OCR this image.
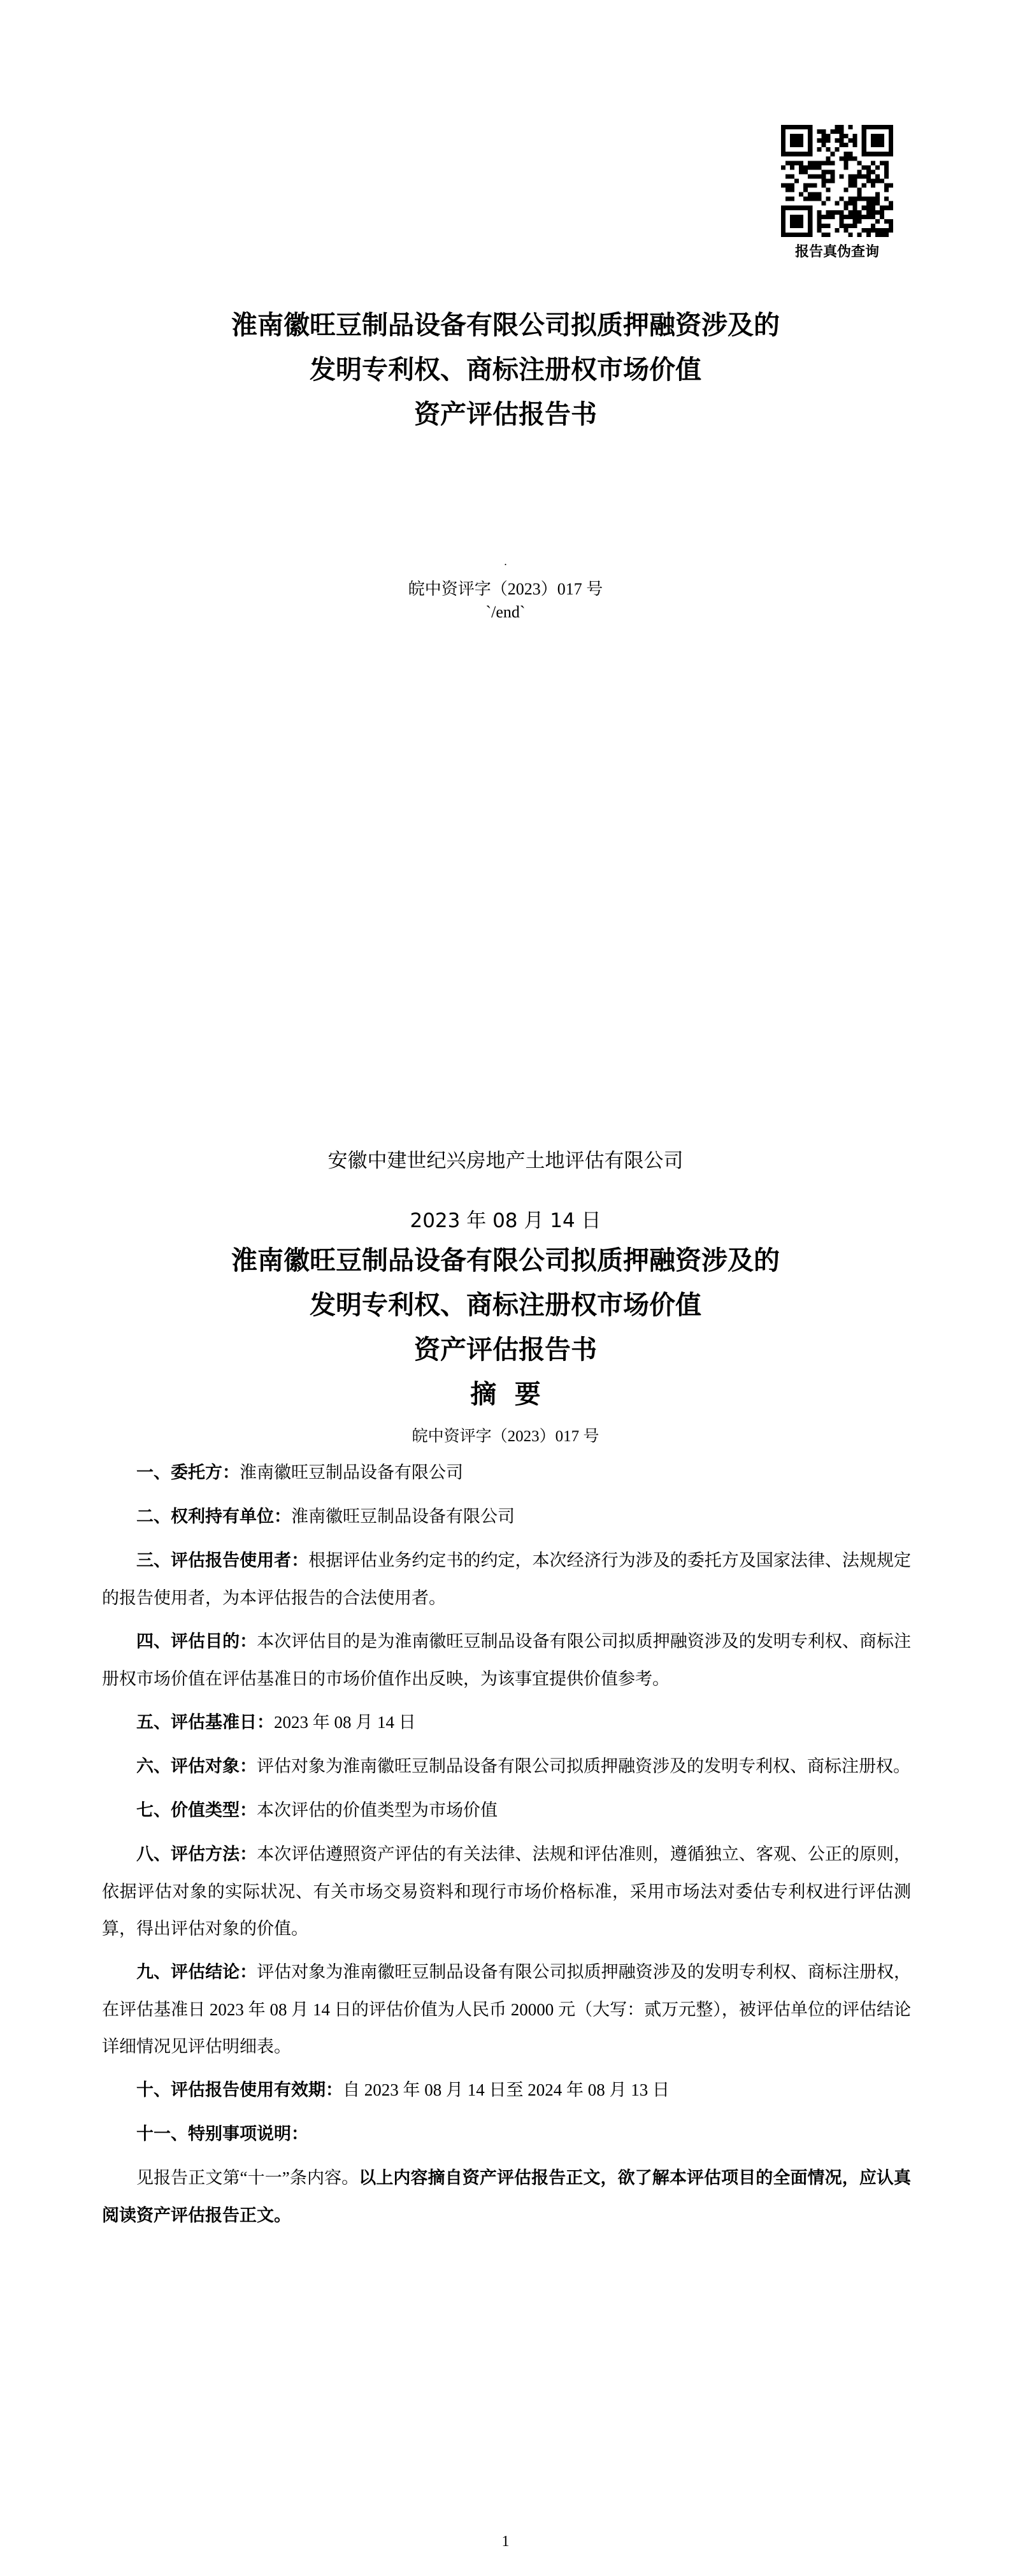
报告真伪查询
淮南徽旺豆制品设备有限公司拟质押融资涉及的
发明专利权、商标注册权市场价值
资产评估报告书
·
皖中资评字（2023）017 号
`/end`
安徽中建世纪兴房地产土地评估有限公司
2023 年 08 月 14 日
淮南徽旺豆制品设备有限公司拟质押融资涉及的
发明专利权、商标注册权市场价值
资产评估报告书
摘  要
皖中资评字（2023）017 号

一、委托方：淮南徽旺豆制品设备有限公司

二、权利持有单位：淮南徽旺豆制品设备有限公司

三、评估报告使用者：根据评估业务约定书的约定，本次经济行为涉及的委托方及国家法律、法规规定的报告使用者，为本评估报告的合法使用者。

四、评估目的：本次评估目的是为淮南徽旺豆制品设备有限公司拟质押融资涉及的发明专利权、商标注册权市场价值在评估基准日的市场价值作出反映，为该事宜提供价值参考。

五、评估基准日：2023 年 08 月 14 日

六、评估对象：评估对象为淮南徽旺豆制品设备有限公司拟质押融资涉及的发明专利权、商标注册权。

七、价值类型：本次评估的价值类型为市场价值

八、评估方法：本次评估遵照资产评估的有关法律、法规和评估准则，遵循独立、客观、公正的原则，依据评估对象的实际状况、有关市场交易资料和现行市场价格标准，采用市场法对委估专利权进行评估测算，得出评估对象的价值。

九、评估结论：评估对象为淮南徽旺豆制品设备有限公司拟质押融资涉及的发明专利权、商标注册权，在评估基准日 2023 年 08 月 14 日的评估价值为人民币 20000 元（大写：贰万元整），被评估单位的评估结论详细情况见评估明细表。

十、评估报告使用有效期：自 2023 年 08 月 14 日至 2024 年 08 月 13 日

十一、特别事项说明：

见报告正文第“十一”条内容。以上内容摘自资产评估报告正文，欲了解本评估项目的全面情况，应认真阅读资产评估报告正文。

1
